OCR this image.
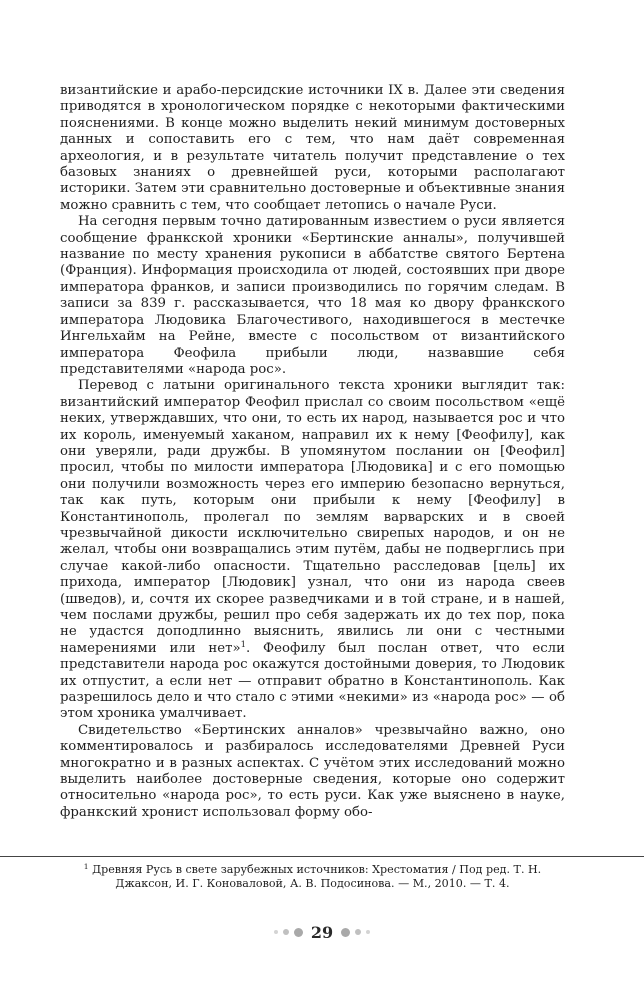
византийские и арабо-персидские источники IX в. Далее эти сведения приводятся в хронологическом порядке с некоторыми фактическими пояснениями. В конце можно выделить некий минимум достоверных данных и сопоставить его с тем, что нам даёт современная археология, и в результате читатель получит представление о тех базовых знаниях о древнейшей руси, которыми располагают историки. Затем эти сравнительно достоверные и объективные знания можно сравнить с тем, что сообщает летопись о начале Руси.

На сегодня первым точно датированным известием о руси является сообщение франкской хроники «Бертинские анналы», получившей название по месту хранения рукописи в аббатстве святого Бертена (Франция). Информация происходила от людей, состоявших при дворе императора франков, и записи производились по горячим следам. В записи за 839 г. рассказывается, что 18 мая ко двору франкского императора Людовика Благочестивого, находившегося в местечке Ингельхайм на Рейне, вместе с посольством от византийского императора Феофила прибыли люди, назвавшие себя представителями «народа рос».

Перевод с латыни оригинального текста хроники выглядит так: византийский император Феофил прислал со своим посольством «ещё неких, утверждавших, что они, то есть их народ, называется рос и что их король, именуемый хаканом, направил их к нему [Феофилу], как они уверяли, ради дружбы. В упомянутом послании он [Феофил] просил, чтобы по милости императора [Людовика] и с его помощью они получили возможность через его империю безопасно вернуться, так как путь, которым они прибыли к нему [Феофилу] в Константинополь, пролегал по землям варварских и в своей чрезвычайной дикости исключительно свирепых народов, и он не желал, чтобы они возвращались этим путём, дабы не подверглись при случае какой-либо опасности. Тщательно расследовав [цель] их прихода, император [Людовик] узнал, что они из народа свеев (шведов), и, сочтя их скорее разведчиками и в той стране, и в нашей, чем послами дружбы, решил про себя задержать их до тех пор, пока не удастся доподлинно выяснить, явились ли они с честными намерениями или нет»$^1$. Феофилу был послан ответ, что если представители народа рос окажутся достойными доверия, то Людовик их отпустит, а если нет — отправит обратно в Константинополь. Как разрешилось дело и что стало с этими «некими» из «народа рос» — об этом хроника умалчивает.

Свидетельство «Бертинских анналов» чрезвычайно важно, оно комментировалось и разбиралось исследователями Древней Руси многократно и в разных аспектах. С учётом этих исследований можно выделить наиболее достоверные сведения, которые оно содержит относительно «народа рос», то есть руси. Как уже выяснено в науке, франкский хронист использовал форму обо-

$^1$ Древняя Русь в свете зарубежных источников: Хрестоматия / Под ред. Т. Н. Джаксон, И. Г. Коноваловой, А. В. Подосинова. — М., 2010. — Т. 4.
29
